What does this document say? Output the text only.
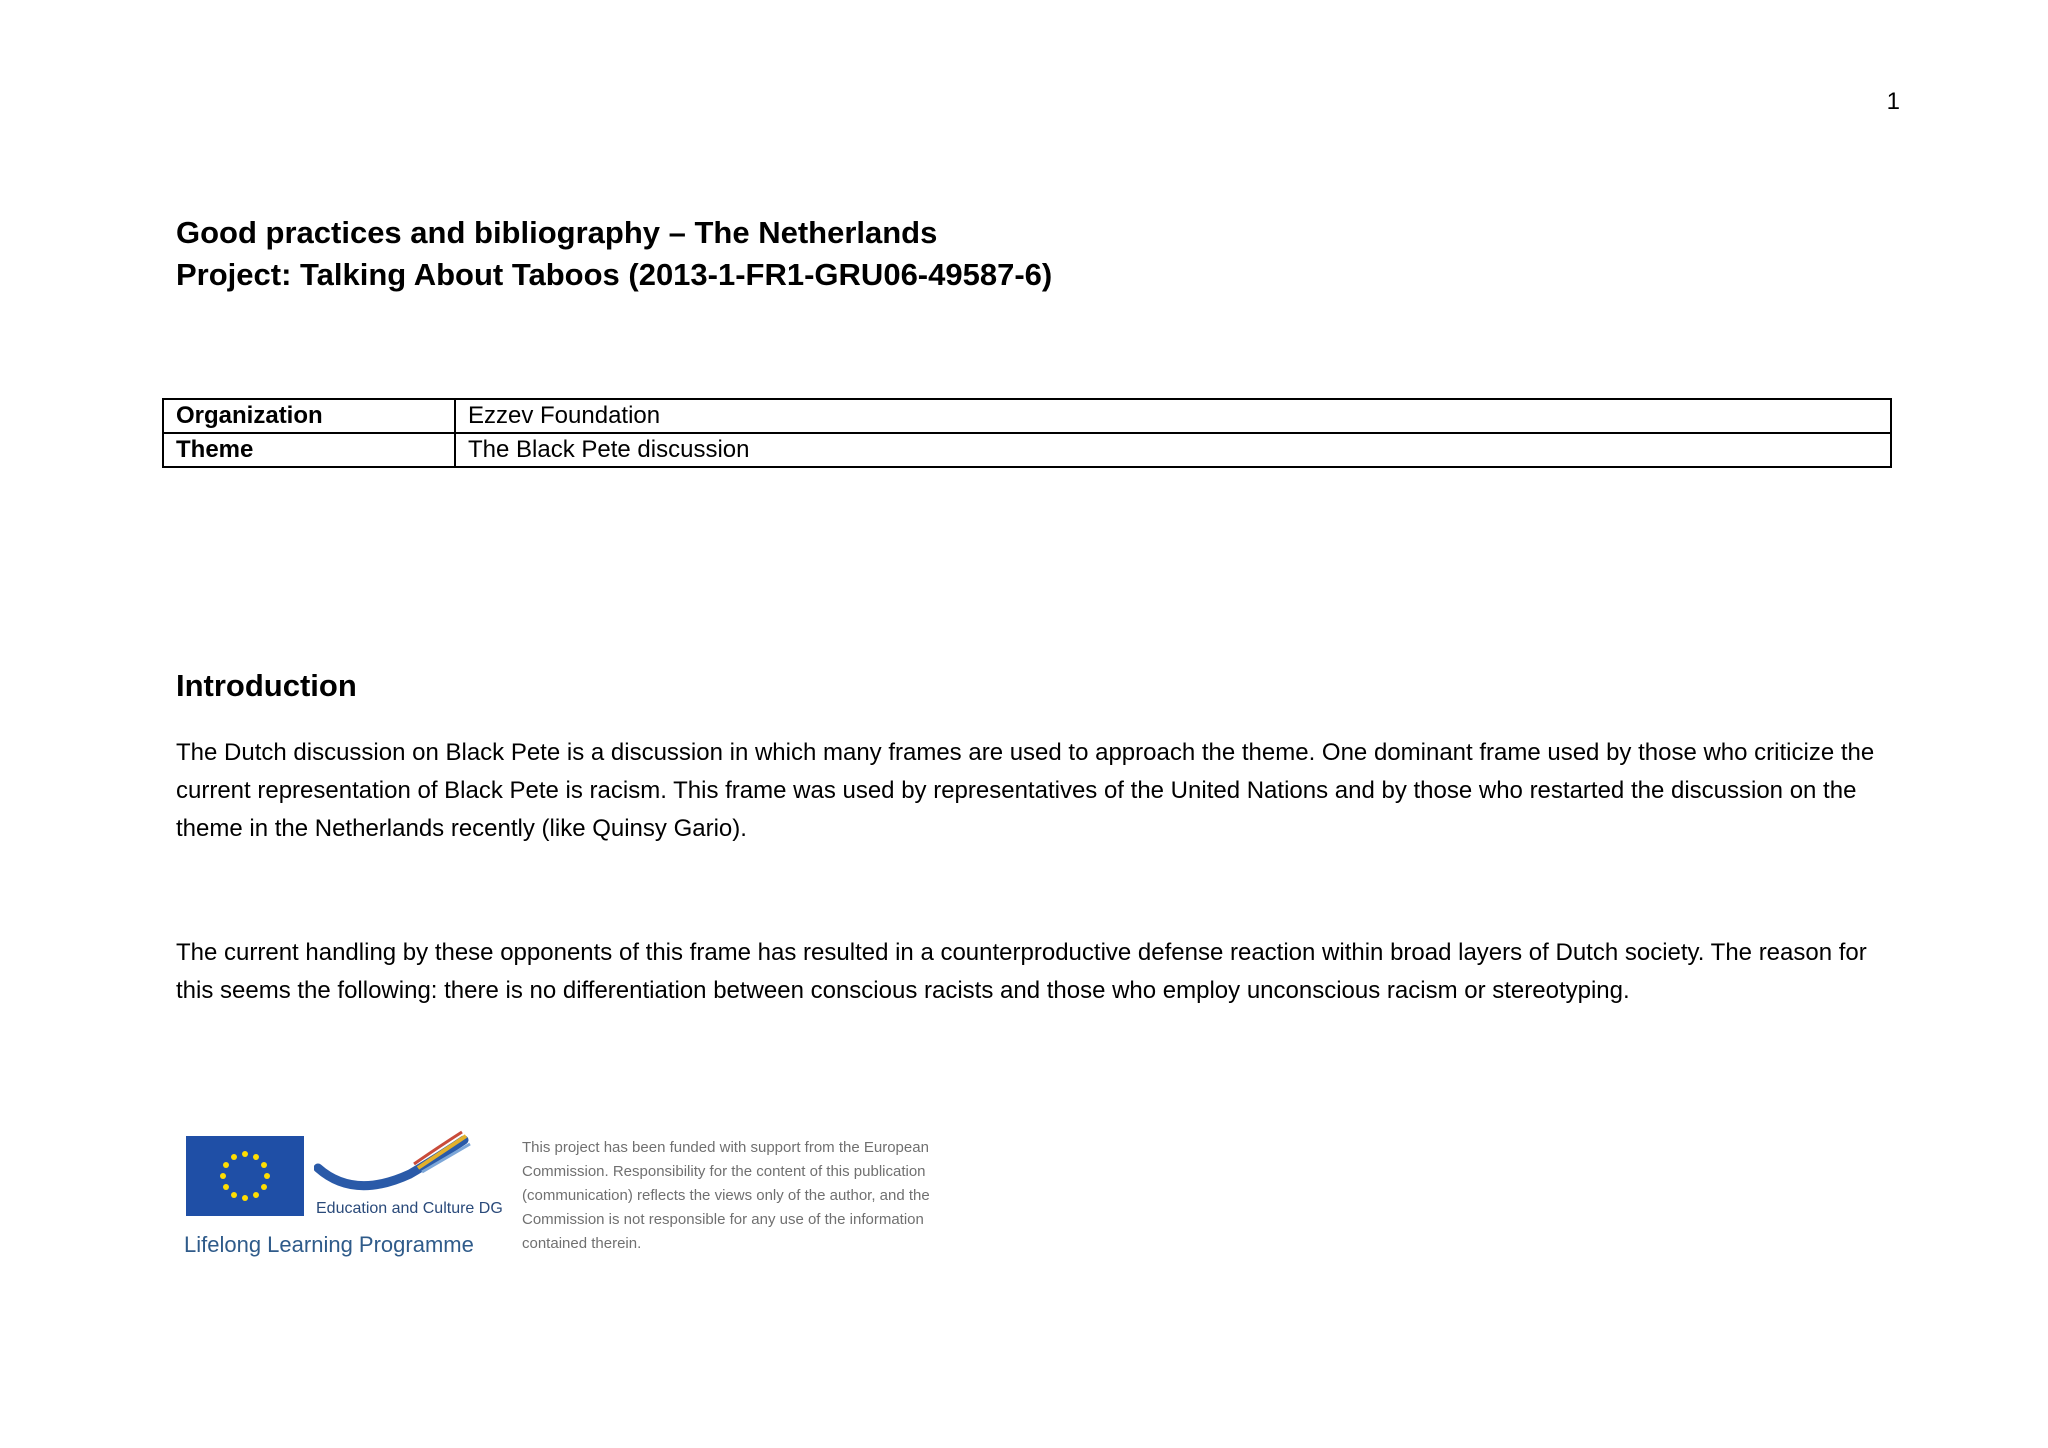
1
Good practices and bibliography – The Netherlands
Project: Talking About Taboos (2013-1-FR1-GRU06-49587-6)
Organization	Ezzev Foundation
Theme	The Black Pete discussion
Introduction
The Dutch discussion on Black Pete is a discussion in which many frames are used to approach the theme. One dominant frame used by those who criticize the current representation of Black Pete is racism. This frame was used by representatives of the United Nations and by those who restarted the discussion on the theme in the Netherlands recently (like Quinsy Gario).
The current handling by these opponents of this frame has resulted in a counterproductive defense reaction within broad layers of Dutch society. The reason for this seems the following: there is no differentiation between conscious racists and those who employ unconscious racism or stereotyping.
Education and Culture DG
Lifelong Learning Programme
This project has been funded with support from the European Commission. Responsibility for the content of this publication (communication) reflects the views only of the author, and the Commission is not responsible for any use of the information contained therein.
